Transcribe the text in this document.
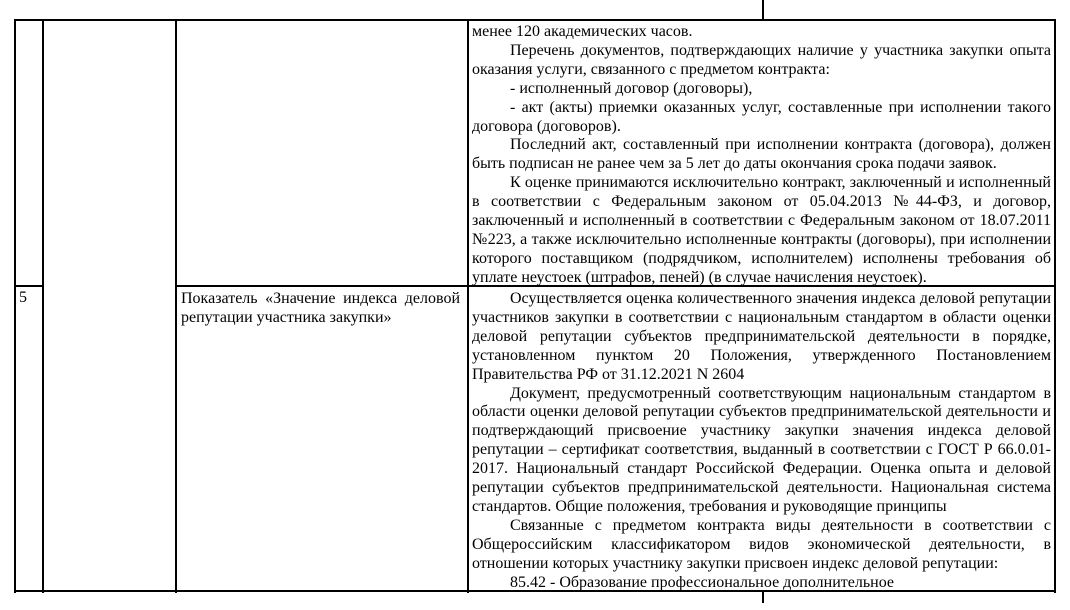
менее 120 академических часов.

Перечень документов, подтверждающих наличие у участника закупки опыта оказания услуги, связанного с предметом контракта:

- исполненный договор (договоры),

- акт (акты) приемки оказанных услуг, составленные при исполнении такого договора (договоров).

Последний акт, составленный при исполнении контракта (договора), должен быть подписан не ранее чем за 5 лет до даты окончания срока подачи заявок.

К оценке принимаются исключительно контракт, заключенный и исполненный в соответствии с Федеральным законом от 05.04.2013 №44-ФЗ, и договор, заключенный и исполненный в соответствии с Федеральным законом от 18.07.2011 №223, а также исключительно исполненные контракты (договоры), при исполнении которого поставщиком (подрядчиком, исполнителем) исполнены требования об уплате неустоек (штрафов, пеней) (в случае начисления неустоек).

5	Показатель «Значение индекса деловой репутации участника закупки»

Осуществляется оценка количественного значения индекса деловой репутации участников закупки в соответствии с национальным стандартом в области оценки деловой репутации субъектов предпринимательской деятельности в порядке, установленном пунктом 20 Положения, утвержденного Постановлением Правительства РФ от 31.12.2021 N 2604

Документ, предусмотренный соответствующим национальным стандартом в области оценки деловой репутации субъектов предпринимательской деятельности и подтверждающий присвоение участнику закупки значения индекса деловой репутации – сертификат соответствия, выданный в соответствии с ГОСТ Р 66.0.01-2017. Национальный стандарт Российской Федерации. Оценка опыта и деловой репутации субъектов предпринимательской деятельности. Национальная система стандартов. Общие положения, требования и руководящие принципы

Связанные с предметом контракта виды деятельности в соответствии с Общероссийским классификатором видов экономической деятельности, в отношении которых участнику закупки присвоен индекс деловой репутации:

85.42 - Образование профессиональное дополнительное
